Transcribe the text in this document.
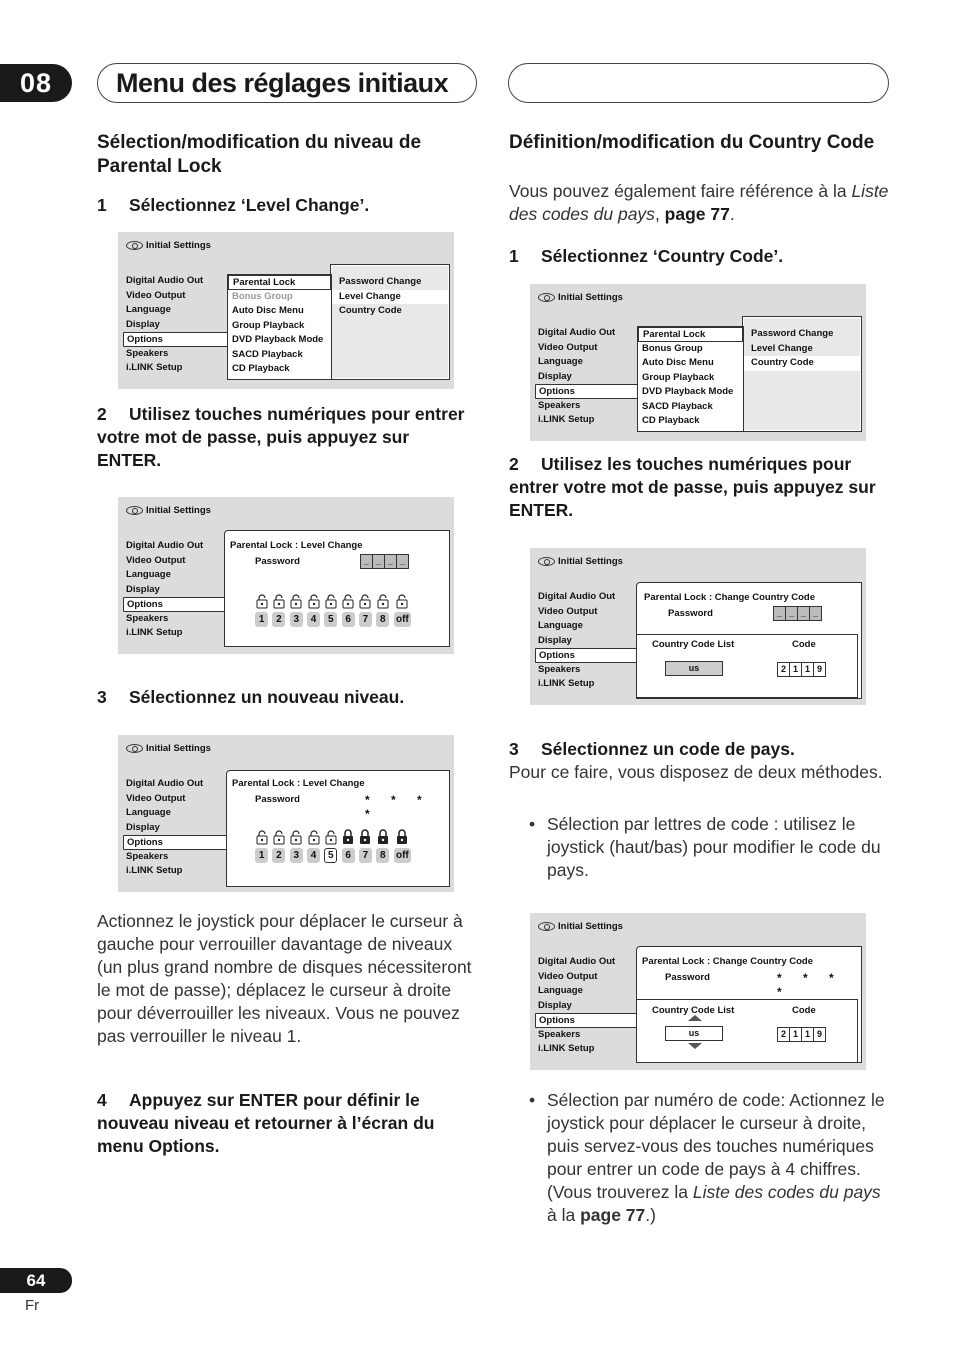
08	Menu des réglages initiaux
Sélection/modification du niveau de Parental Lock
1 Sélectionnez ‘Level Change’.
Initial Settings
Digital Audio Out
Video Output
Language
Display
Options
Speakers
i.LINK Setup
Password Change
Level Change
Country Code
Parental Lock
Bonus Group
Auto Disc Menu
Group Playback
DVD Playback Mode
SACD Playback
CD Playback
2 Utilisez touches numériques pour entrer votre mot de passe, puis appuyez sur ENTER.
Initial Settings
Digital Audio Out
Video Output
Language
Display
Options
Speakers
i.LINK Setup
Parental Lock : Level Change
Password	_ _ _ _
1	2	3	4	5	6	7	8	off
3 Sélectionnez un nouveau niveau.
Initial Settings
Digital Audio Out
Video Output
Language
Display
Options
Speakers
i.LINK Setup
Parental Lock : Level Change
Password	* * * *
1	2	3	4	5	6	7	8	off
Actionnez le joystick pour déplacer le curseur à gauche pour verrouiller davantage de niveaux (un plus grand nombre de disques nécessiteront le mot de passe); déplacez le curseur à droite pour déverrouiller les niveaux. Vous ne pouvez pas verrouiller le niveau 1.
4 Appuyez sur ENTER pour définir le nouveau niveau et retourner à l’écran du menu Options.
Définition/modification du Country Code
Vous pouvez également faire référence à la Liste des codes du pays, page 77.
1 Sélectionnez ‘Country Code’.
Initial Settings
Digital Audio Out
Video Output
Language
Display
Options
Speakers
i.LINK Setup
Password Change
Level Change
Country Code
Parental Lock
Bonus Group
Auto Disc Menu
Group Playback
DVD Playback Mode
SACD Playback
CD Playback
2 Utilisez les touches numériques pour entrer votre mot de passe, puis appuyez sur ENTER.
Initial Settings
Digital Audio Out
Video Output
Language
Display
Options
Speakers
i.LINK Setup
Parental Lock : Change Country Code
Password	_ _ _ _
Country Code List	Code
us	2 1 1 9
3 Sélectionnez un code de pays.
Pour ce faire, vous disposez de deux méthodes.
• Sélection par lettres de code : utilisez le joystick (haut/bas) pour modifier le code du pays.
Initial Settings
Digital Audio Out
Video Output
Language
Display
Options
Speakers
i.LINK Setup
Parental Lock : Change Country Code
Password	* * * *
Country Code List	Code
us	2 1 1 9
• Sélection par numéro de code: Actionnez le joystick pour déplacer le curseur à droite, puis servez-vous des touches numériques pour entrer un code de pays à 4 chiffres. (Vous trouverez la Liste des codes du pays à la page 77.)
64
Fr
